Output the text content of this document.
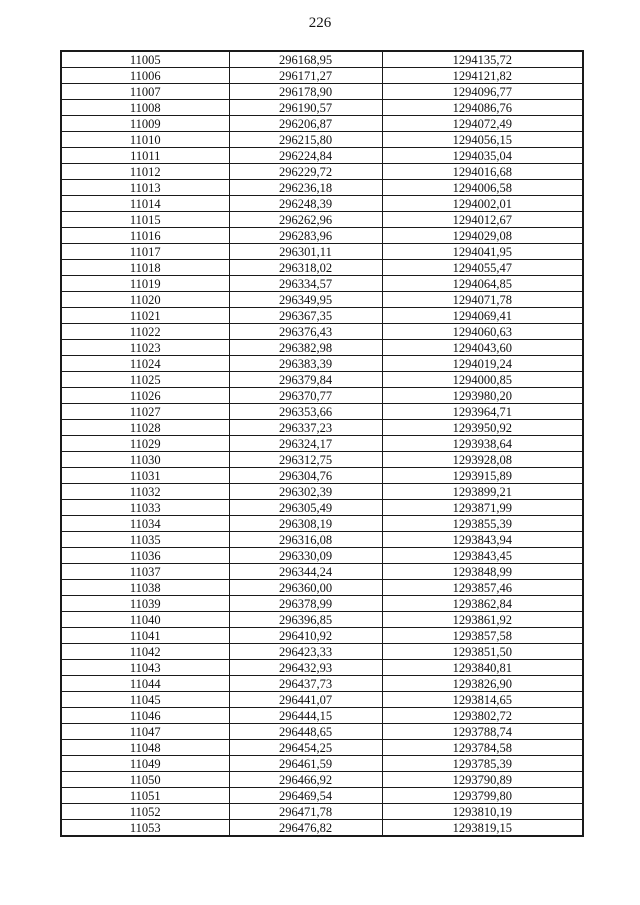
226
11005	296168,95	1294135,72
11006	296171,27	1294121,82
11007	296178,90	1294096,77
11008	296190,57	1294086,76
11009	296206,87	1294072,49
11010	296215,80	1294056,15
11011	296224,84	1294035,04
11012	296229,72	1294016,68
11013	296236,18	1294006,58
11014	296248,39	1294002,01
11015	296262,96	1294012,67
11016	296283,96	1294029,08
11017	296301,11	1294041,95
11018	296318,02	1294055,47
11019	296334,57	1294064,85
11020	296349,95	1294071,78
11021	296367,35	1294069,41
11022	296376,43	1294060,63
11023	296382,98	1294043,60
11024	296383,39	1294019,24
11025	296379,84	1294000,85
11026	296370,77	1293980,20
11027	296353,66	1293964,71
11028	296337,23	1293950,92
11029	296324,17	1293938,64
11030	296312,75	1293928,08
11031	296304,76	1293915,89
11032	296302,39	1293899,21
11033	296305,49	1293871,99
11034	296308,19	1293855,39
11035	296316,08	1293843,94
11036	296330,09	1293843,45
11037	296344,24	1293848,99
11038	296360,00	1293857,46
11039	296378,99	1293862,84
11040	296396,85	1293861,92
11041	296410,92	1293857,58
11042	296423,33	1293851,50
11043	296432,93	1293840,81
11044	296437,73	1293826,90
11045	296441,07	1293814,65
11046	296444,15	1293802,72
11047	296448,65	1293788,74
11048	296454,25	1293784,58
11049	296461,59	1293785,39
11050	296466,92	1293790,89
11051	296469,54	1293799,80
11052	296471,78	1293810,19
11053	296476,82	1293819,15
